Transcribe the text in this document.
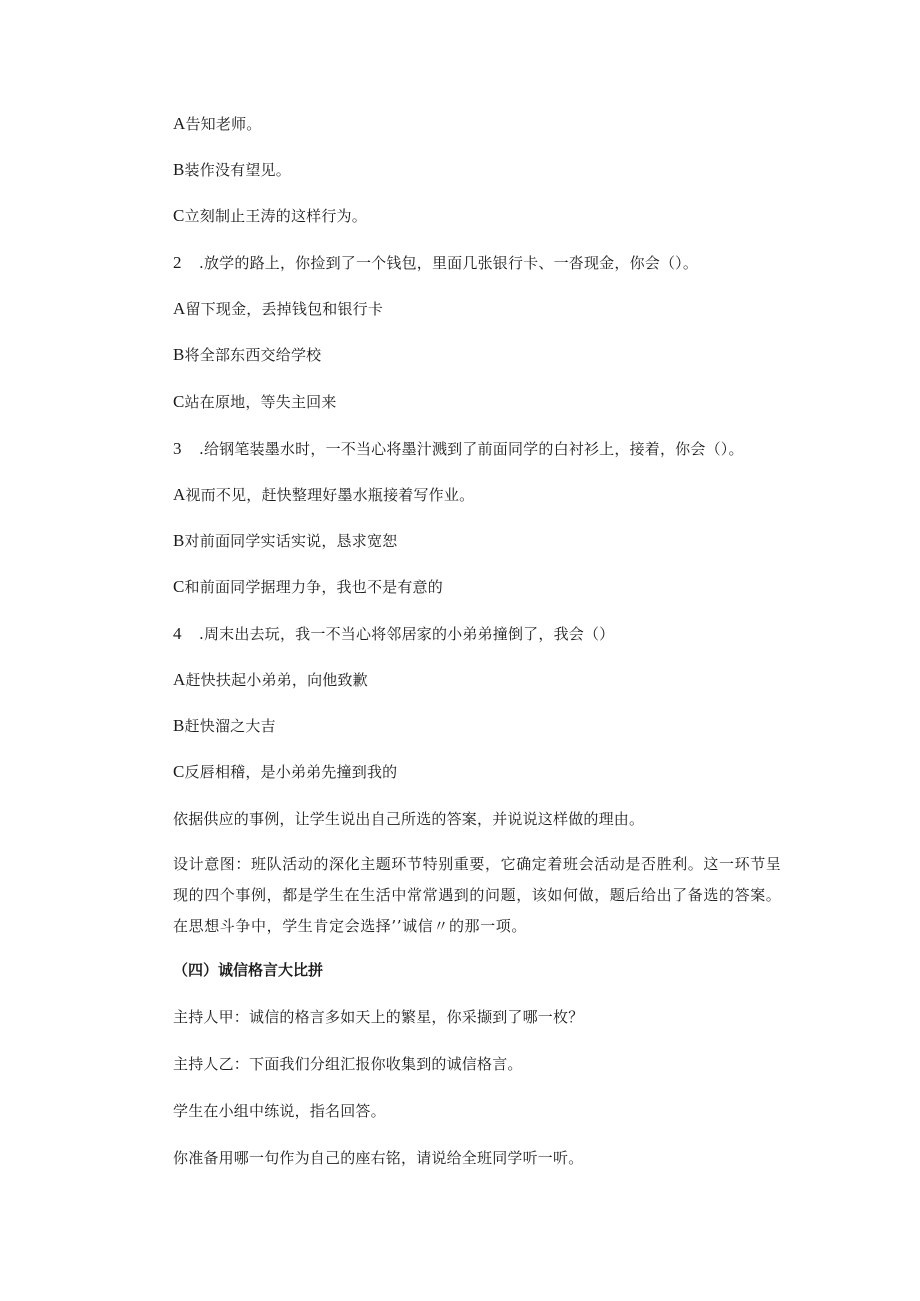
A告知老师。
B装作没有望见。
C立刻制止王涛的这样行为。
2 .放学的路上，你捡到了一个钱包，里面几张银行卡、一沓现金，你会（）。
A留下现金，丢掉钱包和银行卡
B将全部东西交给学校
C站在原地，等失主回来
3 .给钢笔装墨水时，一不当心将墨汁溅到了前面同学的白衬衫上，接着，你会（）。
A视而不见，赶快整理好墨水瓶接着写作业。
B对前面同学实话实说，恳求宽恕
C和前面同学据理力争，我也不是有意的
4 .周末出去玩，我一不当心将邻居家的小弟弟撞倒了，我会（）
A赶快扶起小弟弟，向他致歉
B赶快溜之大吉
C反唇相稽，是小弟弟先撞到我的
依据供应的事例，让学生说出自己所选的答案，并说说这样做的理由。
设计意图：班队活动的深化主题环节特别重要，它确定着班会活动是否胜利。这一环节呈现的四个事例，都是学生在生活中常常遇到的问题，该如何做，题后给出了备选的答案。在思想斗争中，学生肯定会选择’’诚信〃的那一项。
（四）诚信格言大比拼
主持人甲：诚信的格言多如天上的繁星，你采撷到了哪一枚？
主持人乙：下面我们分组汇报你收集到的诚信格言。
学生在小组中练说，指名回答。
你准备用哪一句作为自己的座右铭，请说给全班同学听一听。
